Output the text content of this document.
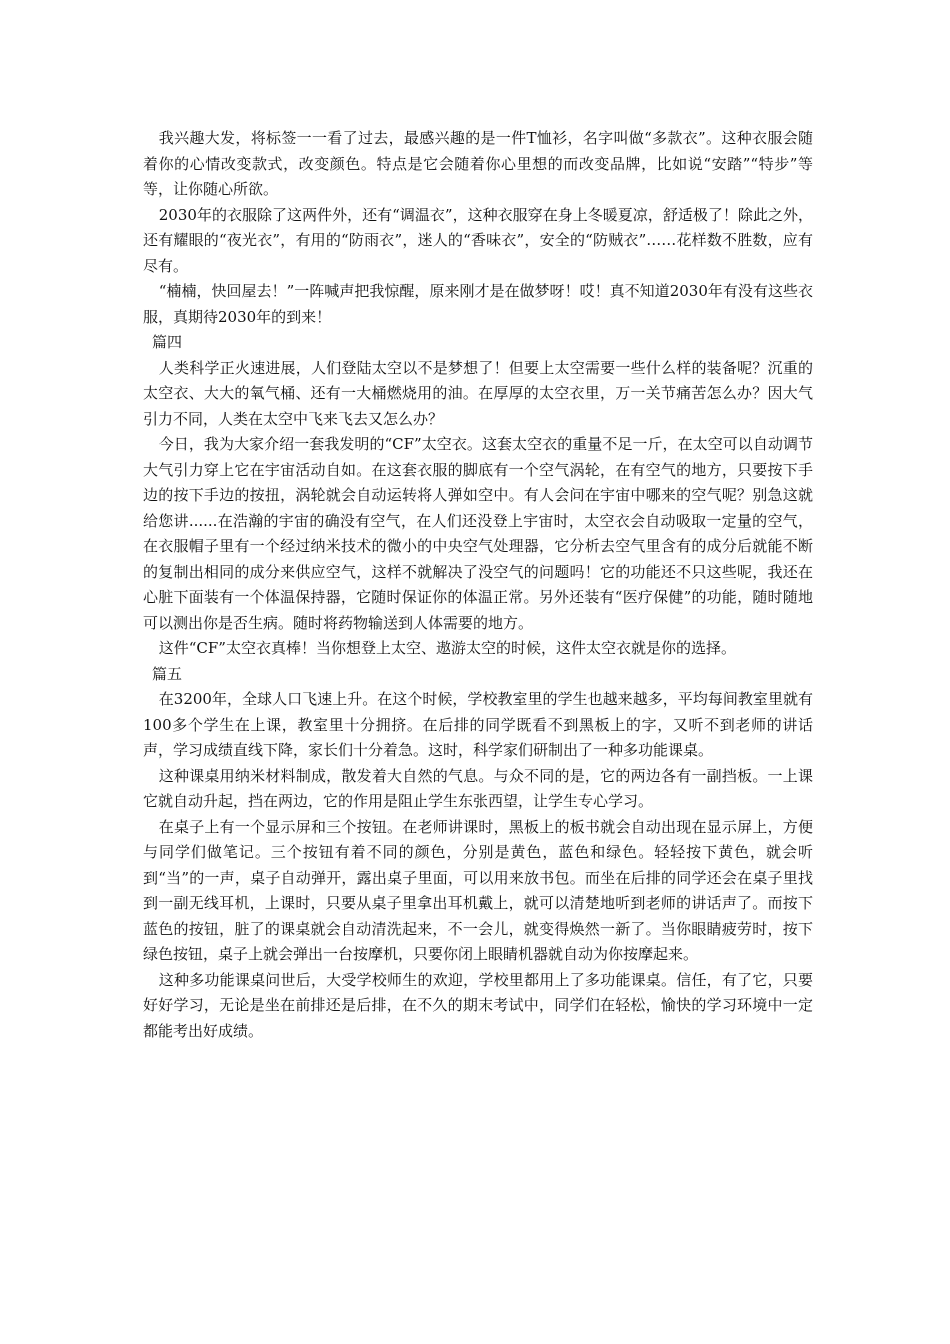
我兴趣大发，将标签一一看了过去，最感兴趣的是一件T恤衫，名字叫做“多款衣”。这种衣服会随着你的心情改变款式，改变颜色。特点是它会随着你心里想的而改变品牌，比如说“安踏”“特步”等等，让你随心所欲。

2030年的衣服除了这两件外，还有“调温衣”，这种衣服穿在身上冬暖夏凉，舒适极了！除此之外，还有耀眼的“夜光衣”，有用的“防雨衣”，迷人的“香味衣”，安全的“防贼衣”……花样数不胜数，应有尽有。

“楠楠，快回屋去！”一阵喊声把我惊醒，原来刚才是在做梦呀！哎！真不知道2030年有没有这些衣服，真期待2030年的到来！

篇四

人类科学正火速进展，人们登陆太空以不是梦想了！但要上太空需要一些什么样的装备呢？沉重的太空衣、大大的氧气桶、还有一大桶燃烧用的油。在厚厚的太空衣里，万一关节痛苦怎么办？因大气引力不同，人类在太空中飞来飞去又怎么办？

今日，我为大家介绍一套我发明的“CF”太空衣。这套太空衣的重量不足一斤，在太空可以自动调节大气引力穿上它在宇宙活动自如。在这套衣服的脚底有一个空气涡轮，在有空气的地方，只要按下手边的按下手边的按扭，涡轮就会自动运转将人弹如空中。有人会问在宇宙中哪来的空气呢？别急这就给您讲......在浩瀚的宇宙的确没有空气，在人们还没登上宇宙时，太空衣会自动吸取一定量的空气，在衣服帽子里有一个经过纳米技术的微小的中央空气处理器，它分析去空气里含有的成分后就能不断的复制出相同的成分来供应空气，这样不就解决了没空气的问题吗！它的功能还不只这些呢，我还在心脏下面装有一个体温保持器，它随时保证你的体温正常。另外还装有“医疗保健”的功能，随时随地可以测出你是否生病。随时将药物输送到人体需要的地方。

这件“CF”太空衣真棒！当你想登上太空、遨游太空的时候，这件太空衣就是你的选择。

篇五

在3200年，全球人口飞速上升。在这个时候，学校教室里的学生也越来越多，平均每间教室里就有100多个学生在上课，教室里十分拥挤。在后排的同学既看不到黑板上的字，又听不到老师的讲话声，学习成绩直线下降，家长们十分着急。这时，科学家们研制出了一种多功能课桌。

这种课桌用纳米材料制成，散发着大自然的气息。与众不同的是，它的两边各有一副挡板。一上课它就自动升起，挡在两边，它的作用是阻止学生东张西望，让学生专心学习。

在桌子上有一个显示屏和三个按钮。在老师讲课时，黑板上的板书就会自动出现在显示屏上，方便与同学们做笔记。三个按钮有着不同的颜色，分别是黄色，蓝色和绿色。轻轻按下黄色，就会听到“当”的一声，桌子自动弹开，露出桌子里面，可以用来放书包。而坐在后排的同学还会在桌子里找到一副无线耳机，上课时，只要从桌子里拿出耳机戴上，就可以清楚地听到老师的讲话声了。而按下蓝色的按钮，脏了的课桌就会自动清洗起来，不一会儿，就变得焕然一新了。当你眼睛疲劳时，按下绿色按钮，桌子上就会弹出一台按摩机，只要你闭上眼睛机器就自动为你按摩起来。

这种多功能课桌问世后，大受学校师生的欢迎，学校里都用上了多功能课桌。信任，有了它，只要好好学习，无论是坐在前排还是后排，在不久的期末考试中，同学们在轻松，愉快的学习环境中一定都能考出好成绩。
